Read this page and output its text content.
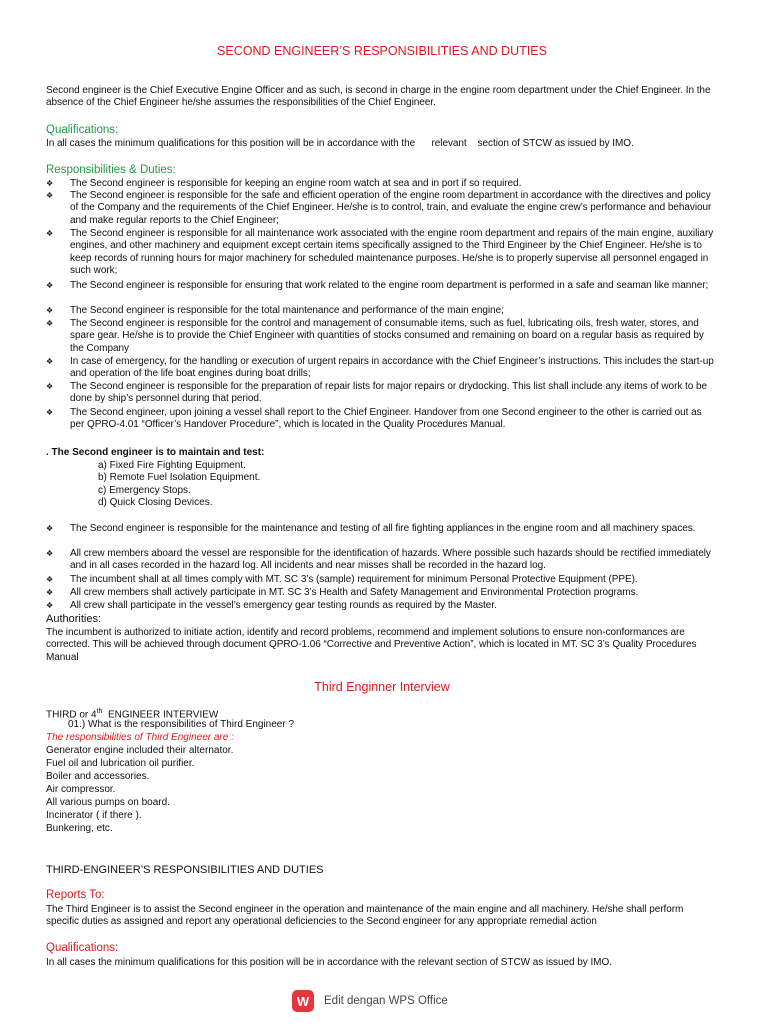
SECOND ENGINEER’S RESPONSIBILITIES AND DUTIES
Second engineer is the Chief Executive Engine Officer and as such, is second in charge in the engine room department under the Chief Engineer. In the absence of the Chief Engineer he/she assumes the responsibilities of the Chief Engineer.
Qualifications:
In all cases the minimum qualifications for this position will be in accordance with the      relevant    section of STCW as issued by IMO.
Responsibilities & Duties:
❖ The Second engineer is responsible for keeping an engine room watch at sea and in port if so required.
❖ The Second engineer is responsible for the safe and efficient operation of the engine room department in accordance with the directives and policy of the Company and the requirements of the Chief Engineer. He/she is to control, train, and evaluate the engine crew’s performance and behaviour and make regular reports to the Chief Engineer;
❖ The Second engineer is responsible for all maintenance work associated with the engine room department and repairs of the main engine, auxiliary engines, and other machinery and equipment except certain items specifically assigned to the Third Engineer by the Chief Engineer. He/she is to keep records of running hours for major machinery for scheduled maintenance purposes. He/she is to properly supervise all personnel engaged in such work;
❖ The Second engineer is responsible for ensuring that work related to the engine room department is performed in a safe and seaman like manner;
❖ The Second engineer is responsible for the total maintenance and performance of the main engine;
❖ The Second engineer is responsible for the control and management of consumable items, such as fuel, lubricating oils, fresh water, stores, and spare gear. He/she is to provide the Chief Engineer with quantities of stocks consumed and remaining on board on a regular basis as required by the Company
❖ In case of emergency, for the handling or execution of urgent repairs in accordance with the Chief Engineer’s instructions. This includes the start-up and operation of the life boat engines during boat drills;
❖ The Second engineer is responsible for the preparation of repair lists for major repairs or drydocking. This list shall include any items of work to be done by ship’s personnel during that period.
❖ The Second engineer, upon joining a vessel shall report to the Chief Engineer. Handover from one Second engineer to the other is carried out as per QPRO-4.01 “Officer’s Handover Procedure”, which is located in the Quality Procedures Manual.
. The Second engineer is to maintain and test:
a) Fixed Fire Fighting Equipment.
b) Remote Fuel Isolation Equipment.
c) Emergency Stops.
d) Quick Closing Devices.
❖ The Second engineer is responsible for the maintenance and testing of all fire fighting appliances in the engine room and all machinery spaces.
❖ All crew members aboard the vessel are responsible for the identification of hazards. Where possible such hazards should be rectified immediately and in all cases recorded in the hazard log. All incidents and near misses shall be recorded in the hazard log.
❖ The incumbent shall at all times comply with MT. SC 3’s (sample) requirement for minimum Personal Protective Equipment (PPE).
❖ All crew members shall actively participate in MT. SC 3’s Health and Safety Management and Environmental Protection programs.
❖ All crew shall participate in the vessel’s emergency gear testing rounds as required by the Master.
Authorities:
The incumbent is authorized to initiate action, identify and record problems, recommend and implement solutions to ensure non-conformances are corrected. This will be achieved through document QPRO-1.06 “Corrective and Preventive Action”, which is located in MT. SC 3’s Quality Procedures Manual
Third Enginner Interview
THIRD or 4th  ENGINEER INTERVIEW
01.) What is the responsibilities of Third Engineer ?
The responsibilities of Third Engineer are :
Generator engine included their alternator.
Fuel oil and lubrication oil purifier.
Boiler and accessories.
Air compressor.
All various pumps on board.
Incinerator ( if there ).
Bunkering, etc.
THIRD-ENGINEER’S RESPONSIBILITIES AND DUTIES
Reports To:
The Third Engineer is to assist the Second engineer in the operation and maintenance of the main engine and all machinery. He/she shall perform specific duties as assigned and report any operational deficiencies to the Second engineer for any appropriate remedial action
Qualifications:
In all cases the minimum qualifications for this position will be in accordance with the relevant section of STCW as issued by IMO.
W	Edit dengan WPS Office
